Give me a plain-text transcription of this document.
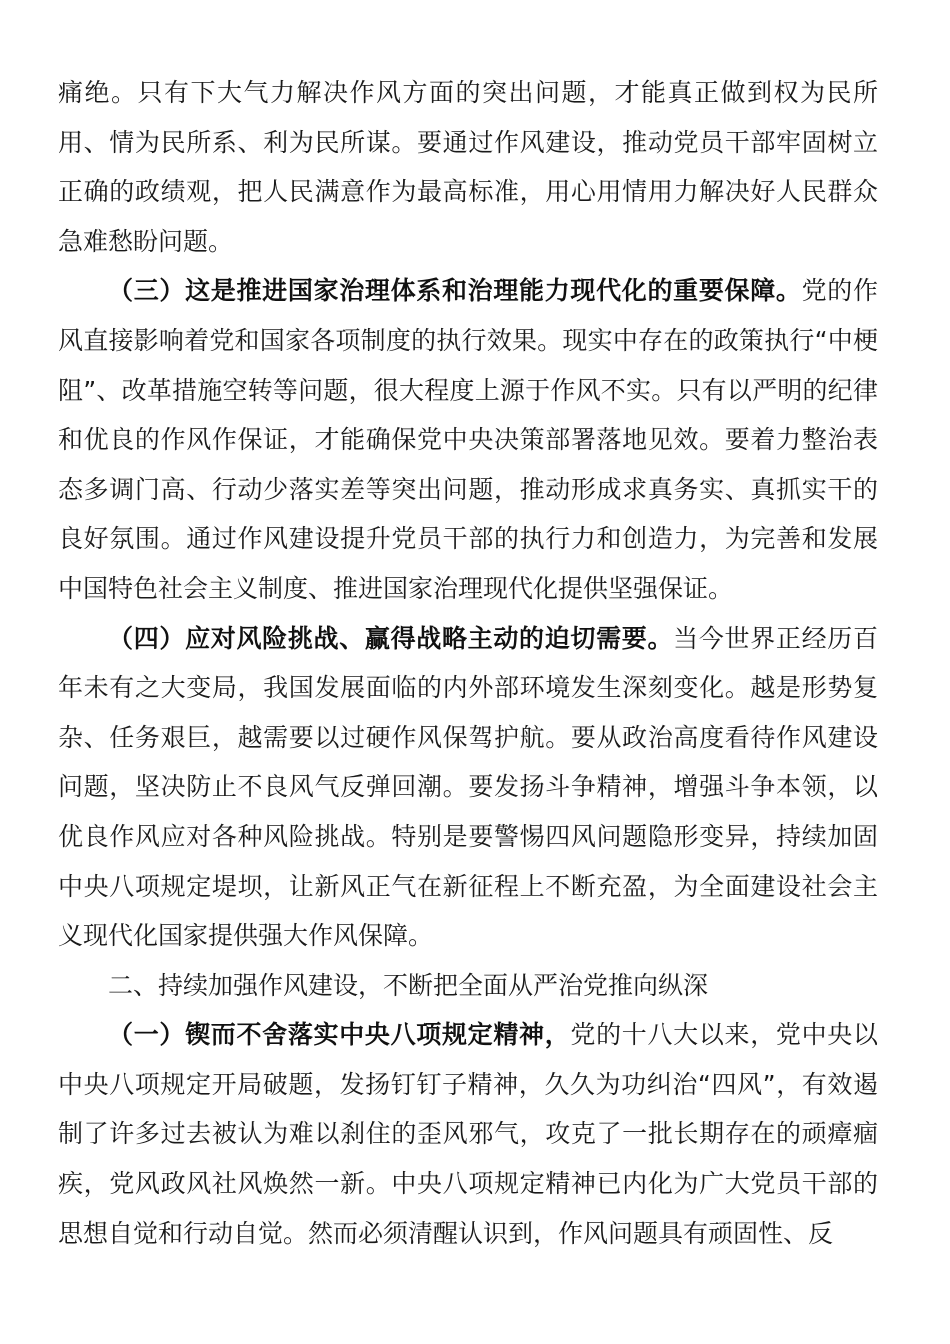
痛绝。只有下大气力解决作风方面的突出问题，才能真正做到权为民所用、情为民所系、利为民所谋。要通过作风建设，推动党员干部牢固树立正确的政绩观，把人民满意作为最高标准，用心用情用力解决好人民群众急难愁盼问题。

（三）这是推进国家治理体系和治理能力现代化的重要保障。党的作风直接影响着党和国家各项制度的执行效果。现实中存在的政策执行“中梗阻”、改革措施空转等问题，很大程度上源于作风不实。只有以严明的纪律和优良的作风作保证，才能确保党中央决策部署落地见效。要着力整治表态多调门高、行动少落实差等突出问题，推动形成求真务实、真抓实干的良好氛围。通过作风建设提升党员干部的执行力和创造力，为完善和发展中国特色社会主义制度、推进国家治理现代化提供坚强保证。

（四）应对风险挑战、赢得战略主动的迫切需要。当今世界正经历百年未有之大变局，我国发展面临的内外部环境发生深刻变化。越是形势复杂、任务艰巨，越需要以过硬作风保驾护航。要从政治高度看待作风建设问题，坚决防止不良风气反弹回潮。要发扬斗争精神，增强斗争本领，以优良作风应对各种风险挑战。特别是要警惕四风问题隐形变异，持续加固中央八项规定堤坝，让新风正气在新征程上不断充盈，为全面建设社会主义现代化国家提供强大作风保障。

二、持续加强作风建设，不断把全面从严治党推向纵深

（一）锲而不舍落实中央八项规定精神，党的十八大以来，党中央以中央八项规定开局破题，发扬钉钉子精神，久久为功纠治“四风”，有效遏制了许多过去被认为难以刹住的歪风邪气，攻克了一批长期存在的顽瘴痼疾，党风政风社风焕然一新。中央八项规定精神已内化为广大党员干部的思想自觉和行动自觉。然而必须清醒认识到，作风问题具有顽固性、反
